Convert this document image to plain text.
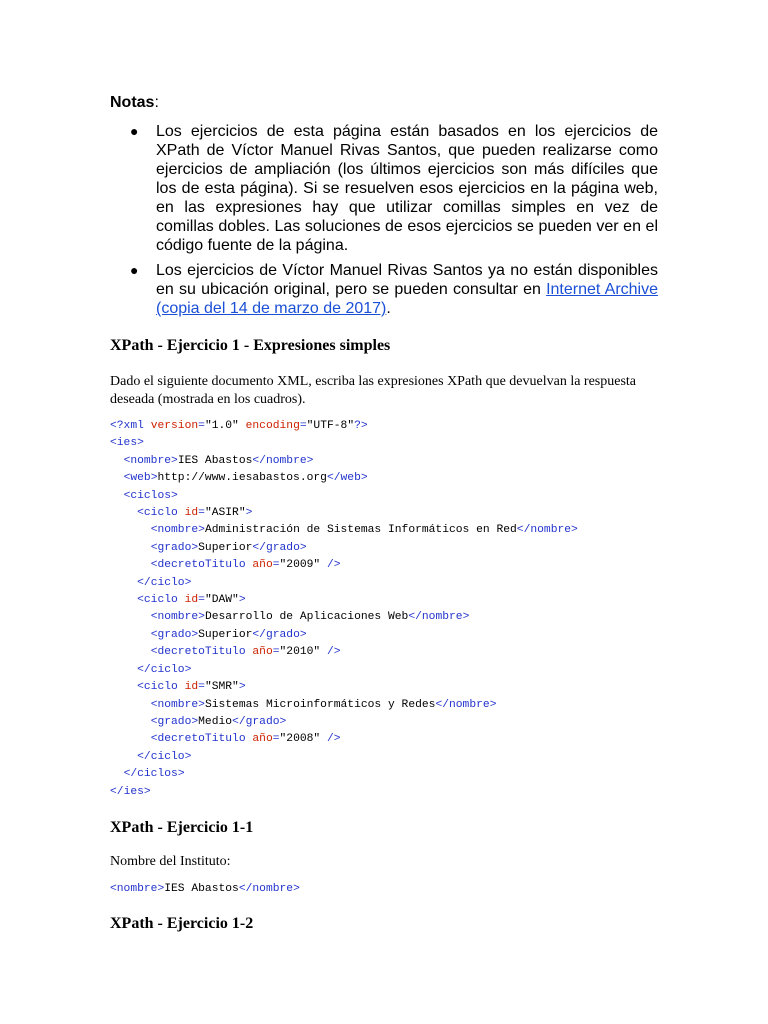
Notas:
● Los ejercicios de esta página están basados en los ejercicios de XPath de Víctor Manuel Rivas Santos, que pueden realizarse como ejercicios de ampliación (los últimos ejercicios son más difíciles que los de esta página). Si se resuelven esos ejercicios en la página web, en las expresiones hay que utilizar comillas simples en vez de comillas dobles. Las soluciones de esos ejercicios se pueden ver en el código fuente de la página.
● Los ejercicios de Víctor Manuel Rivas Santos ya no están disponibles en su ubicación original, pero se pueden consultar en Internet Archive (copia del 14 de marzo de 2017).
XPath - Ejercicio 1 - Expresiones simples

Dado el siguiente documento XML, escriba las expresiones XPath que devuelvan la respuesta deseada (mostrada en los cuadros).

<?xml version="1.0" encoding="UTF-8"?>
<ies>
<nombre>IES Abastos</nombre>
<web>http://www.iesabastos.org</web>
<ciclos>
<ciclo id="ASIR">
<nombre>Administración de Sistemas Informáticos en Red</nombre>
<grado>Superior</grado>
<decretoTitulo año="2009" />
</ciclo>
<ciclo id="DAW">
<nombre>Desarrollo de Aplicaciones Web</nombre>
<grado>Superior</grado>
<decretoTitulo año="2010" />
</ciclo>
<ciclo id="SMR">
<nombre>Sistemas Microinformáticos y Redes</nombre>
<grado>Medio</grado>
<decretoTitulo año="2008" />
</ciclo>
</ciclos>
</ies>
XPath - Ejercicio 1-1

Nombre del Instituto:

<nombre>IES Abastos</nombre>
XPath - Ejercicio 1-2
